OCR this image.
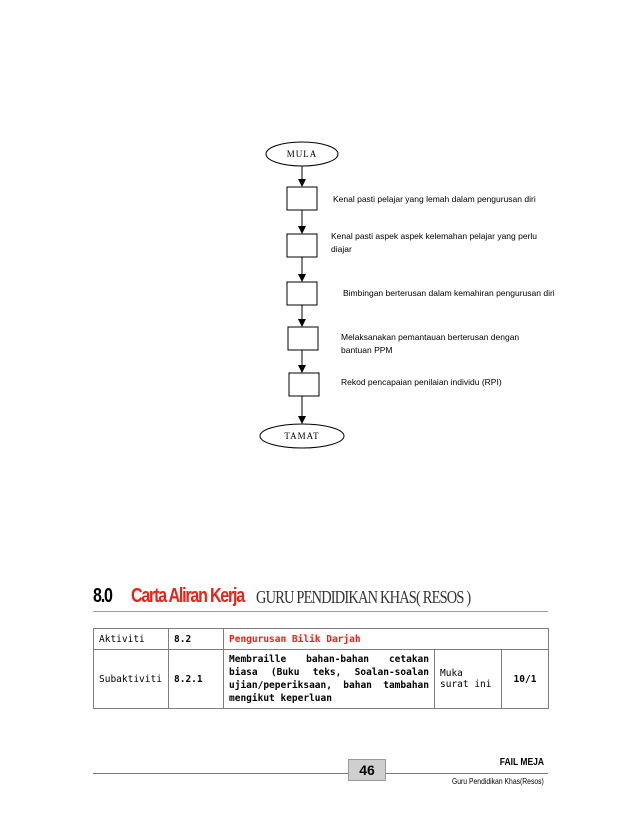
MULA
TAMAT
Kenal pasti pelajar yang lemah dalam pengurusan diri
Kenal pasti aspek aspek kelemahan pelajar yang perlu diajar
Bimbingan berterusan dalam kemahiran pengurusan diri
Melaksanakan pemantauan berterusan dengan bantuan PPM
Rekod pencapaian penilaian individu (RPI)
8.0 Carta Aliran Kerja GURU PENDIDIKAN KHAS( RESOS )
Aktiviti	8.2	Pengurusan Bilik Darjah		
Subaktiviti	8.2.1	Membraille bahan-bahan cetakan
biasa (Buku teks, Soalan-soalan
ujian/peperiksaan, bahan tambahan
mengikut keperluan	Muka surat ini	10/1
46	FAIL MEJA
Guru Pendidikan Khas(Resos)
